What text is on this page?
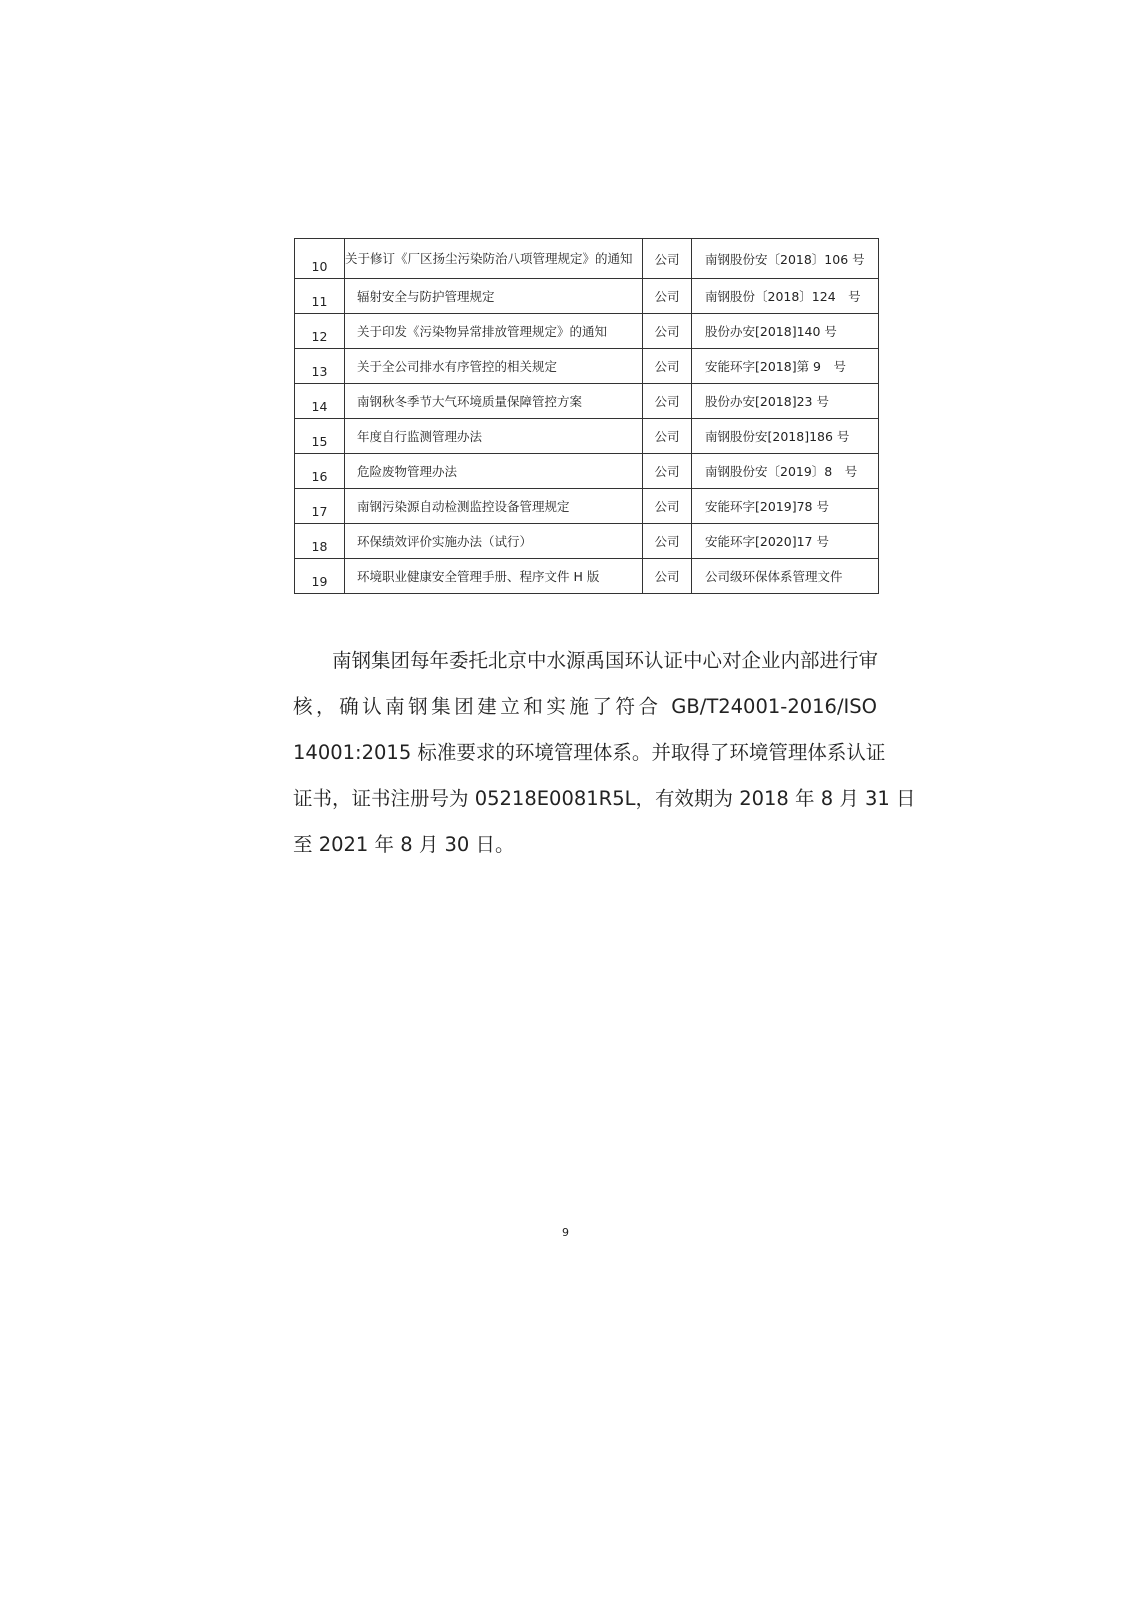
10	关于修订《厂区扬尘污染防治八项管理规定》的通知	公司	南钢股份安〔2018〕106 号
11	辐射安全与防护管理规定	公司	南钢股份〔2018〕124　号
12	关于印发《污染物异常排放管理规定》的通知	公司	股份办安[2018]140 号
13	关于全公司排水有序管控的相关规定	公司	安能环字[2018]第 9　号
14	南钢秋冬季节大气环境质量保障管控方案	公司	股份办安[2018]23 号
15	年度自行监测管理办法	公司	南钢股份安[2018]186 号
16	危险废物管理办法	公司	南钢股份安〔2019〕8　号
17	南钢污染源自动检测监控设备管理规定	公司	安能环字[2019]78 号
18	环保绩效评价实施办法（试行）	公司	安能环字[2020]17 号
19	环境职业健康安全管理手册、程序文件 H 版	公司	公司级环保体系管理文件

南钢集团每年委托北京中水源禹国环认证中心对企业内部进行审
核，确认南钢集团建立和实施了符合 GB/T24001-2016/ISO
14001:2015 标准要求的环境管理体系。并取得了环境管理体系认证
证书，证书注册号为 05218E0081R5L，有效期为 2018 年 8 月 31 日
至 2021 年 8 月 30 日。

9
